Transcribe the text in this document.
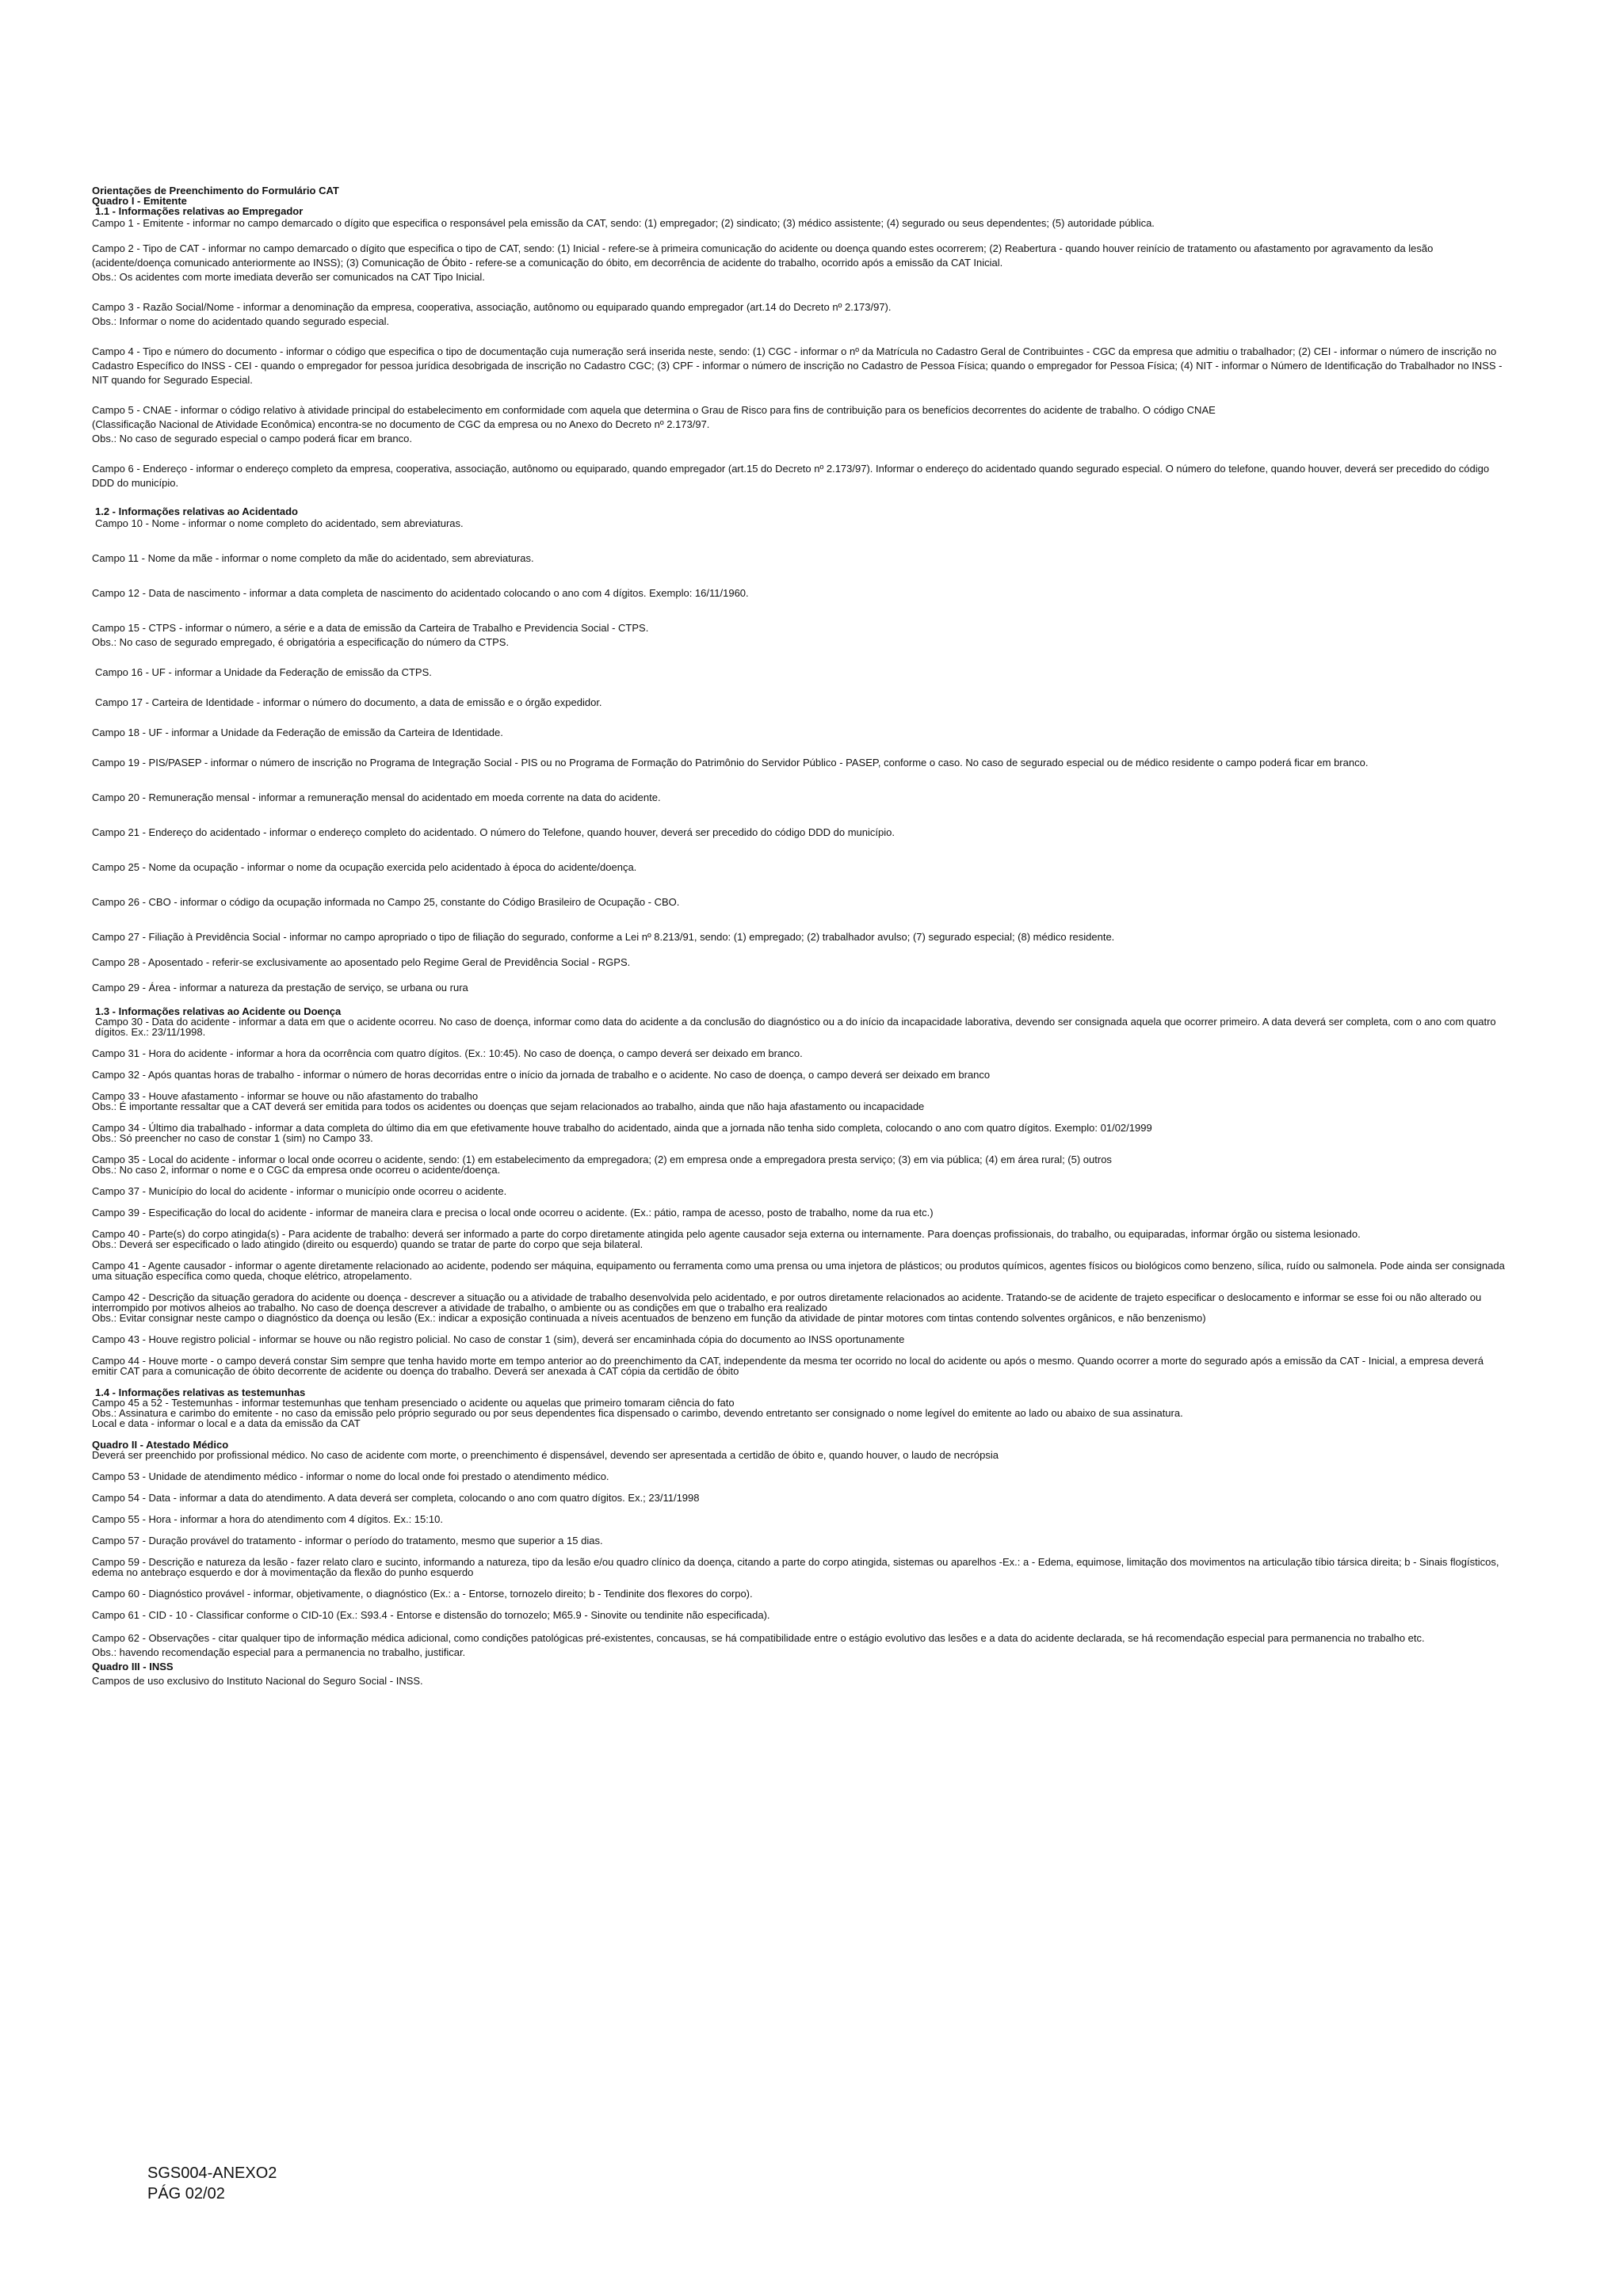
Orientações de Preenchimento do Formulário CAT

Quadro I - Emitente

1.1 - Informações relativas ao Empregador

Campo 1 - Emitente - informar no campo demarcado o dígito que especifica o responsável pela emissão da CAT, sendo: (1) empregador; (2) sindicato; (3) médico assistente; (4) segurado ou seus dependentes; (5) autoridade pública.

Campo 2 - Tipo de CAT - informar no campo demarcado o dígito que especifica o tipo de CAT, sendo: (1) Inicial - refere-se à primeira comunicação do acidente ou doença quando estes ocorrerem; (2) Reabertura - quando houver reinício de tratamento ou afastamento por agravamento da lesão (acidente/doença comunicado anteriormente ao INSS); (3) Comunicação de Óbito - refere-se a comunicação do óbito, em decorrência de acidente do trabalho, ocorrido após a emissão da CAT Inicial.

Obs.: Os acidentes com morte imediata deverão ser comunicados na CAT Tipo Inicial.

Campo 3 - Razão Social/Nome - informar a denominação da empresa, cooperativa, associação, autônomo ou equiparado quando empregador (art.14 do Decreto nº 2.173/97).

Obs.: Informar o nome do acidentado quando segurado especial.

Campo 4 - Tipo e número do documento - informar o código que especifica o tipo de documentação cuja numeração será inserida neste, sendo: (1) CGC - informar o nº da Matrícula no Cadastro Geral de Contribuintes - CGC da empresa que admitiu o trabalhador; (2) CEI - informar o número de inscrição no Cadastro Específico do INSS - CEI - quando o empregador for pessoa jurídica desobrigada de inscrição no Cadastro CGC; (3) CPF - informar o número de inscrição no Cadastro de Pessoa Física; quando o empregador for Pessoa Física; (4) NIT - informar o Número de Identificação do Trabalhador no INSS - NIT quando for Segurado Especial.

Campo 5 - CNAE - informar o código relativo à atividade principal do estabelecimento em conformidade com aquela que determina o Grau de Risco para fins de contribuição para os benefícios decorrentes do acidente de trabalho. O código CNAE

(Classificação Nacional de Atividade Econômica) encontra-se no documento de CGC da empresa ou no Anexo do Decreto nº 2.173/97.

Obs.: No caso de segurado especial o campo poderá ficar em branco.

Campo 6 - Endereço - informar o endereço completo da empresa, cooperativa, associação, autônomo ou equiparado, quando empregador (art.15 do Decreto nº 2.173/97). Informar o endereço do acidentado quando segurado especial. O número do telefone, quando houver, deverá ser precedido do código DDD do município.

1.2 - Informações relativas ao Acidentado

Campo 10 - Nome - informar o nome completo do acidentado, sem abreviaturas.

Campo 11 - Nome da mãe - informar o nome completo da mãe do acidentado, sem abreviaturas.

Campo 12 - Data de nascimento - informar a data completa de nascimento do acidentado colocando o ano com 4 dígitos. Exemplo: 16/11/1960.

Campo 15 - CTPS - informar o número, a série e a data de emissão da Carteira de Trabalho e Previdencia Social - CTPS.

Obs.: No caso de segurado empregado, é obrigatória a especificação do número da CTPS.

Campo 16 - UF - informar a Unidade da Federação de emissão da CTPS.

Campo 17 - Carteira de Identidade - informar o número do documento, a data de emissão e o órgão expedidor.

Campo 18 - UF - informar a Unidade da Federação de emissão da Carteira de Identidade.

Campo 19 - PIS/PASEP - informar o número de inscrição no Programa de Integração Social - PIS ou no Programa de Formação do Patrimônio do Servidor Público - PASEP, conforme o caso. No caso de segurado especial ou de médico residente o campo poderá ficar em branco.

Campo 20 - Remuneração mensal - informar a remuneração mensal do acidentado em moeda corrente na data do acidente.

Campo 21 - Endereço do acidentado - informar o endereço completo do acidentado. O número do Telefone, quando houver, deverá ser precedido do código DDD do município.

Campo 25 - Nome da ocupação - informar o nome da ocupação exercida pelo acidentado à época do acidente/doença.

Campo 26 - CBO - informar o código da ocupação informada no Campo 25, constante do Código Brasileiro de Ocupação - CBO.

Campo 27 - Filiação à Previdência Social - informar no campo apropriado o tipo de filiação do segurado, conforme a Lei nº 8.213/91, sendo: (1) empregado; (2) trabalhador avulso; (7) segurado especial; (8) médico residente.

Campo 28 - Aposentado - referir-se exclusivamente ao aposentado pelo Regime Geral de Previdência Social - RGPS.

Campo 29 - Área - informar a natureza da prestação de serviço, se urbana ou rura

1.3 - Informações relativas ao Acidente ou Doença

Campo 30 - Data do acidente - informar a data em que o acidente ocorreu. No caso de doença, informar como data do acidente a da conclusão do diagnóstico ou a do início da incapacidade laborativa, devendo ser consignada aquela que ocorrer primeiro. A data deverá ser completa, com o ano com quatro dígitos. Ex.: 23/11/1998.

Campo 31 - Hora do acidente - informar a hora da ocorrência com quatro dígitos. (Ex.: 10:45). No caso de doença, o campo deverá ser deixado em branco.

Campo 32 - Após quantas horas de trabalho - informar o número de horas decorridas entre o início da jornada de trabalho e o acidente. No caso de doença, o campo deverá ser deixado em branco

Campo 33 - Houve afastamento - informar se houve ou não afastamento do trabalho

Obs.: É importante ressaltar que a CAT deverá ser emitida para todos os acidentes ou doenças que sejam relacionados ao trabalho, ainda que não haja afastamento ou incapacidade

Campo 34 - Último dia trabalhado - informar a data completa do último dia em que efetivamente houve trabalho do acidentado, ainda que a jornada não tenha sido completa, colocando o ano com quatro dígitos. Exemplo: 01/02/1999

Obs.: Só preencher no caso de constar 1 (sim) no Campo 33.

Campo 35 - Local do acidente - informar o local onde ocorreu o acidente, sendo: (1) em estabelecimento da empregadora; (2) em empresa onde a empregadora presta serviço; (3) em via pública; (4) em área rural; (5) outros

Obs.: No caso 2, informar o nome e o CGC da empresa onde ocorreu o acidente/doença.

Campo 37 - Município do local do acidente - informar o município onde ocorreu o acidente.

Campo 39 - Especificação do local do acidente - informar de maneira clara e precisa o local onde ocorreu o acidente. (Ex.: pátio, rampa de acesso, posto de trabalho, nome da rua etc.)

Campo 40 - Parte(s) do corpo atingida(s) - Para acidente de trabalho: deverá ser informado a parte do corpo diretamente atingida pelo agente causador seja externa ou internamente. Para doenças profissionais, do trabalho, ou equiparadas, informar órgão ou sistema lesionado.

Obs.: Deverá ser especificado o lado atingido (direito ou esquerdo) quando se tratar de parte do corpo que seja bilateral.

Campo 41 - Agente causador - informar o agente diretamente relacionado ao acidente, podendo ser máquina, equipamento ou ferramenta como uma prensa ou uma injetora de plásticos; ou produtos químicos, agentes físicos ou biológicos como benzeno, sílica, ruído ou salmonela. Pode ainda ser consignada uma situação específica como queda, choque elétrico, atropelamento.

Campo 42 - Descrição da situação geradora do acidente ou doença - descrever a situação ou a atividade de trabalho desenvolvida pelo acidentado, e por outros diretamente relacionados ao acidente. Tratando-se de acidente de trajeto especificar o deslocamento e informar se esse foi ou não alterado ou interrompido por motivos alheios ao trabalho. No caso de doença descrever a atividade de trabalho, o ambiente ou as condições em que o trabalho era realizado

Obs.: Evitar consignar neste campo o diagnóstico da doença ou lesão (Ex.: indicar a exposição continuada a níveis acentuados de benzeno em função da atividade de pintar motores com tintas contendo solventes orgânicos, e não benzenismo)

Campo 43 - Houve registro policial - informar se houve ou não registro policial. No caso de constar 1 (sim), deverá ser encaminhada cópia do documento ao INSS oportunamente

Campo 44 - Houve morte - o campo deverá constar Sim sempre que tenha havido morte em tempo anterior ao do preenchimento da CAT, independente da mesma ter ocorrido no local do acidente ou após o mesmo. Quando ocorrer a morte do segurado após a emissão da CAT - Inicial, a empresa deverá emitir CAT para a comunicação de óbito decorrente de acidente ou doença do trabalho. Deverá ser anexada à CAT cópia da certidão de óbito

1.4 - Informações relativas as testemunhas

Campo 45 a 52 - Testemunhas - informar testemunhas que tenham presenciado o acidente ou aquelas que primeiro tomaram ciência do fato

Obs.: Assinatura e carimbo do emitente - no caso da emissão pelo próprio segurado ou por seus dependentes fica dispensado o carimbo, devendo entretanto ser consignado o nome legível do emitente ao lado ou abaixo de sua assinatura.

Local e data - informar o local e a data da emissão da CAT

Quadro II - Atestado Médico

Deverá ser preenchido por profissional médico. No caso de acidente com morte, o preenchimento é dispensável, devendo ser apresentada a certidão de óbito e, quando houver, o laudo de necrópsia

Campo 53 - Unidade de atendimento médico - informar o nome do local onde foi prestado o atendimento médico.

Campo 54 - Data - informar a data do atendimento. A data deverá ser completa, colocando o ano com quatro dígitos. Ex.; 23/11/1998

Campo 55 - Hora - informar a hora do atendimento com 4 dígitos. Ex.: 15:10.

Campo 57 - Duração provável do tratamento - informar o período do tratamento, mesmo que superior a 15 dias.

Campo 59 - Descrição e natureza da lesão - fazer relato claro e sucinto, informando a natureza, tipo da lesão e/ou quadro clínico da doença, citando a parte do corpo atingida, sistemas ou aparelhos -Ex.: a - Edema, equimose, limitação dos movimentos na articulação tíbio társica direita; b - Sinais flogísticos, edema no antebraço esquerdo e dor à movimentação da flexão do punho esquerdo

Campo 60 - Diagnóstico provável - informar, objetivamente, o diagnóstico (Ex.: a - Entorse, tornozelo direito; b - Tendinite dos flexores do corpo).

Campo 61 - CID - 10 - Classificar conforme o CID-10 (Ex.: S93.4 - Entorse e distensão do tornozelo; M65.9 - Sinovite ou tendinite não especificada).

Campo 62 - Observações - citar qualquer tipo de informação médica adicional, como condições patológicas pré-existentes, concausas, se há compatibilidade entre o estágio evolutivo das lesões e a data do acidente declarada, se há recomendação especial para permanencia no trabalho etc.

Obs.: havendo recomendação especial para a permanencia no trabalho, justificar.

Quadro III - INSS

Campos de uso exclusivo do Instituto Nacional do Seguro Social - INSS.

SGS004-ANEXO2
PÁG 02/02
